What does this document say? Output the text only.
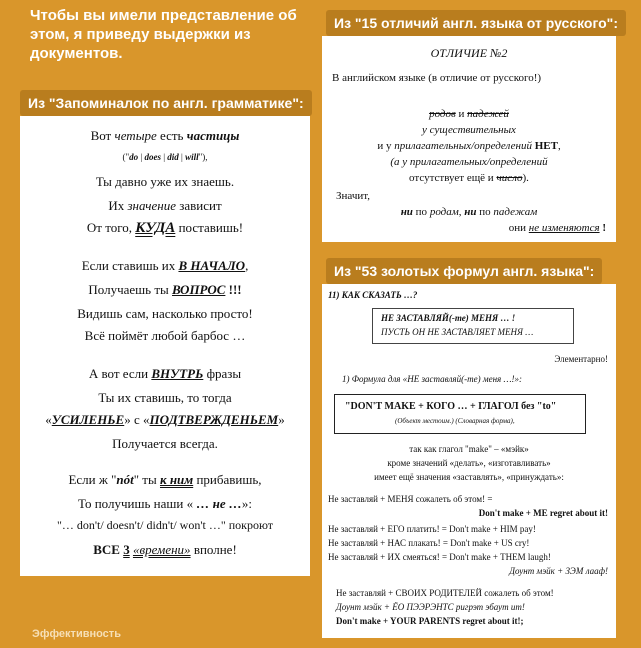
Чтобы вы имели представление об этом, я приведу выдержки из документов.
Из "Запоминалок по англ. грамматике":
Из "15 отличий англ. языка от русского":
Из "53 золотых формул англ. языка":
Вот четыре есть частицы
("do | does | did | will"),
Ты давно уже их знаешь.
Их значение зависит
От того, КУДА поставишь!
Если ставишь их В НАЧАЛО,
Получаешь ты ВОПРОС !!!
Видишь сам, насколько просто!
Всё поймёт любой барбос …
А вот если ВНУТРЬ фразы
Ты их ставишь, то тогда
«УСИЛЕНЬЕ» с «ПОДТВЕРЖДЕНЬЕМ»
Получается всегда.
Если ж "nót" ты к ним прибавишь,
То получишь наши « … не …»:
"… don't/ doesn't/ didn't/ won't …" покроют
ВСЕ 3 «времени» вполне!
ОТЛИЧИЕ №2
В английском языке (в отличие от русского!)
родов и падежей
у существительных
и у прилагательных/определений НЕТ,
(а у прилагательных/определений
отсутствует ещё и число).
Значит,
ни по родам, ни по падежам
они не изменяются !
11) КАК СКАЗАТЬ …?
НЕ ЗАСТАВЛЯЙ(-те) МЕНЯ … !
ПУСТЬ ОН НЕ ЗАСТАВЛЯЕТ МЕНЯ …
Элементарно!
1) Формула для «НЕ заставляй(-те) меня …!»:
"DON'T MAKE + КОГО … + ГЛАГОЛ без "to"
(Объект местоим.) (Словарная форма),
так как глагол "make" – «мэйк»
кроме значений «делать», «изготавливать»
имеет ещё значения «заставлять», «принуждать»:
Не заставляй + МЕНЯ сожалеть об этом! =
Don't make + ME regret about it!
Не заставляй + ЕГО платить! = Don't make + HIM pay!
Не заставляй + НАС плакать! = Don't make + US cry!
Не заставляй + ИХ смеяться! = Don't make + THEM laugh!
Доунт мэйк + ЗЭМ лааф!
Не заставляй + СВОИХ РОДИТЕЛЕЙ сожалеть об этом!
Доунт мэйк + ЁО ПЭЭРЭНТС ригрэт эбаут ит!
Don't make + YOUR PARENTS regret about it!;
Эффективность
